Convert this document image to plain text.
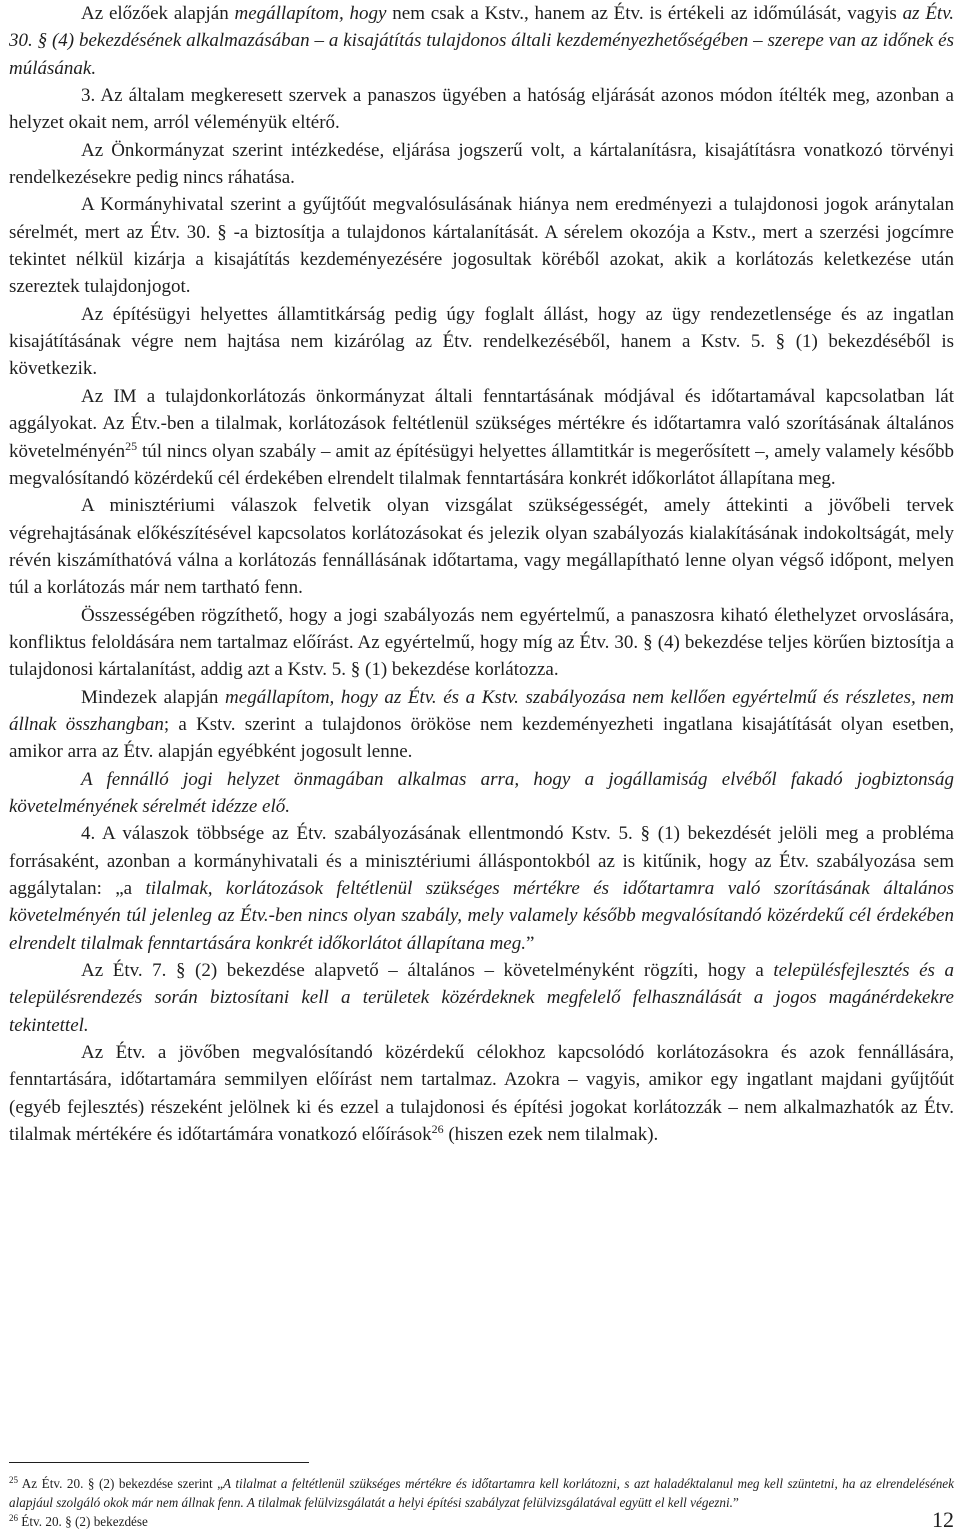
Az előzőek alapján megállapítom, hogy nem csak a Kstv., hanem az Étv. is értékeli az időmúlását, vagyis az Étv. 30. § (4) bekezdésének alkalmazásában – a kisajátítás tulajdonos általi kezdeményezhetőségében – szerepe van az időnek és múlásának.

3. Az általam megkeresett szervek a panaszos ügyében a hatóság eljárását azonos módon ítélték meg, azonban a helyzet okait nem, arról véleményük eltérő.

Az Önkormányzat szerint intézkedése, eljárása jogszerű volt, a kártalanításra, kisajátításra vonatkozó törvényi rendelkezésekre pedig nincs ráhatása.

A Kormányhivatal szerint a gyűjtőút megvalósulásának hiánya nem eredményezi a tulajdonosi jogok aránytalan sérelmét, mert az Étv. 30. § -a biztosítja a tulajdonos kártalanítását. A sérelem okozója a Kstv., mert a szerzési jogcímre tekintet nélkül kizárja a kisajátítás kezdeményezésére jogosultak köréből azokat, akik a korlátozás keletkezése után szereztek tulajdonjogot.

Az építésügyi helyettes államtitkárság pedig úgy foglalt állást, hogy az ügy rendezetlensége és az ingatlan kisajátításának végre nem hajtása nem kizárólag az Étv. rendelkezéséből, hanem a Kstv. 5. § (1) bekezdéséből is következik.

Az IM a tulajdonkorlátozás önkormányzat általi fenntartásának módjával és időtartamával kapcsolatban lát aggályokat. Az Étv.-ben a tilalmak, korlátozások feltétlenül szükséges mértékre és időtartamra való szorításának általános követelményén$^{25}$ túl nincs olyan szabály – amit az építésügyi helyettes államtitkár is megerősített –, amely valamely később megvalósítandó közérdekű cél érdekében elrendelt tilalmak fenntartására konkrét időkorlátot állapítana meg.

A minisztériumi válaszok felvetik olyan vizsgálat szükségességét, amely áttekinti a jövőbeli tervek végrehajtásának előkészítésével kapcsolatos korlátozásokat és jelezik olyan szabályozás kialakításának indokoltságát, mely révén kiszámíthatóvá válna a korlátozás fennállásának időtartama, vagy megállapítható lenne olyan végső időpont, melyen túl a korlátozás már nem tartható fenn.

Összességében rögzíthető, hogy a jogi szabályozás nem egyértelmű, a panaszosra kiható élethelyzet orvoslására, konfliktus feloldására nem tartalmaz előírást. Az egyértelmű, hogy míg az Étv. 30. § (4) bekezdése teljes körűen biztosítja a tulajdonosi kártalanítást, addig azt a Kstv. 5. § (1) bekezdése korlátozza.

Mindezek alapján megállapítom, hogy az Étv. és a Kstv. szabályozása nem kellően egyértelmű és részletes, nem állnak összhangban; a Kstv. szerint a tulajdonos örököse nem kezdeményezheti ingatlana kisajátítását olyan esetben, amikor arra az Étv. alapján egyébként jogosult lenne.

A fennálló jogi helyzet önmagában alkalmas arra, hogy a jogállamiság elvéből fakadó jogbiztonság követelményének sérelmét idézze elő.

4. A válaszok többsége az Étv. szabályozásának ellentmondó Kstv. 5. § (1) bekezdését jelöli meg a probléma forrásaként, azonban a kormányhivatali és a minisztériumi álláspontokból az is kitűnik, hogy az Étv. szabályozása sem aggálytalan: „a tilalmak, korlátozások feltétlenül szükséges mértékre és időtartamra való szorításának általános követelményén túl jelenleg az Étv.-ben nincs olyan szabály, mely valamely később megvalósítandó közérdekű cél érdekében elrendelt tilalmak fenntartására konkrét időkorlátot állapítana meg.”

Az Étv. 7. § (2) bekezdése alapvető – általános – követelményként rögzíti, hogy a településfejlesztés és a településrendezés során biztosítani kell a területek közérdeknek megfelelő felhasználását a jogos magánérdekekre tekintettel.

Az Étv. a jövőben megvalósítandó közérdekű célokhoz kapcsolódó korlátozásokra és azok fennállására, fenntartására, időtartamára semmilyen előírást nem tartalmaz. Azokra – vagyis, amikor egy ingatlant majdani gyűjtőút (egyéb fejlesztés) részeként jelölnek ki és ezzel a tulajdonosi és építési jogokat korlátozzák – nem alkalmazhatók az Étv. tilalmak mértékére és időtartámára vonatkozó előírások$^{26}$ (hiszen ezek nem tilalmak).

$^{25}$ Az Étv. 20. § (2) bekezdése szerint „A tilalmat a feltétlenül szükséges mértékre és időtartamra kell korlátozni, s azt haladéktalanul meg kell szüntetni, ha az elrendelésének alapjául szolgáló okok már nem állnak fenn. A tilalmak felülvizsgálatát a helyi építési szabályzat felülvizsgálatával együtt el kell végezni.”
$^{26}$ Étv. 20. § (2) bekezdése	12
